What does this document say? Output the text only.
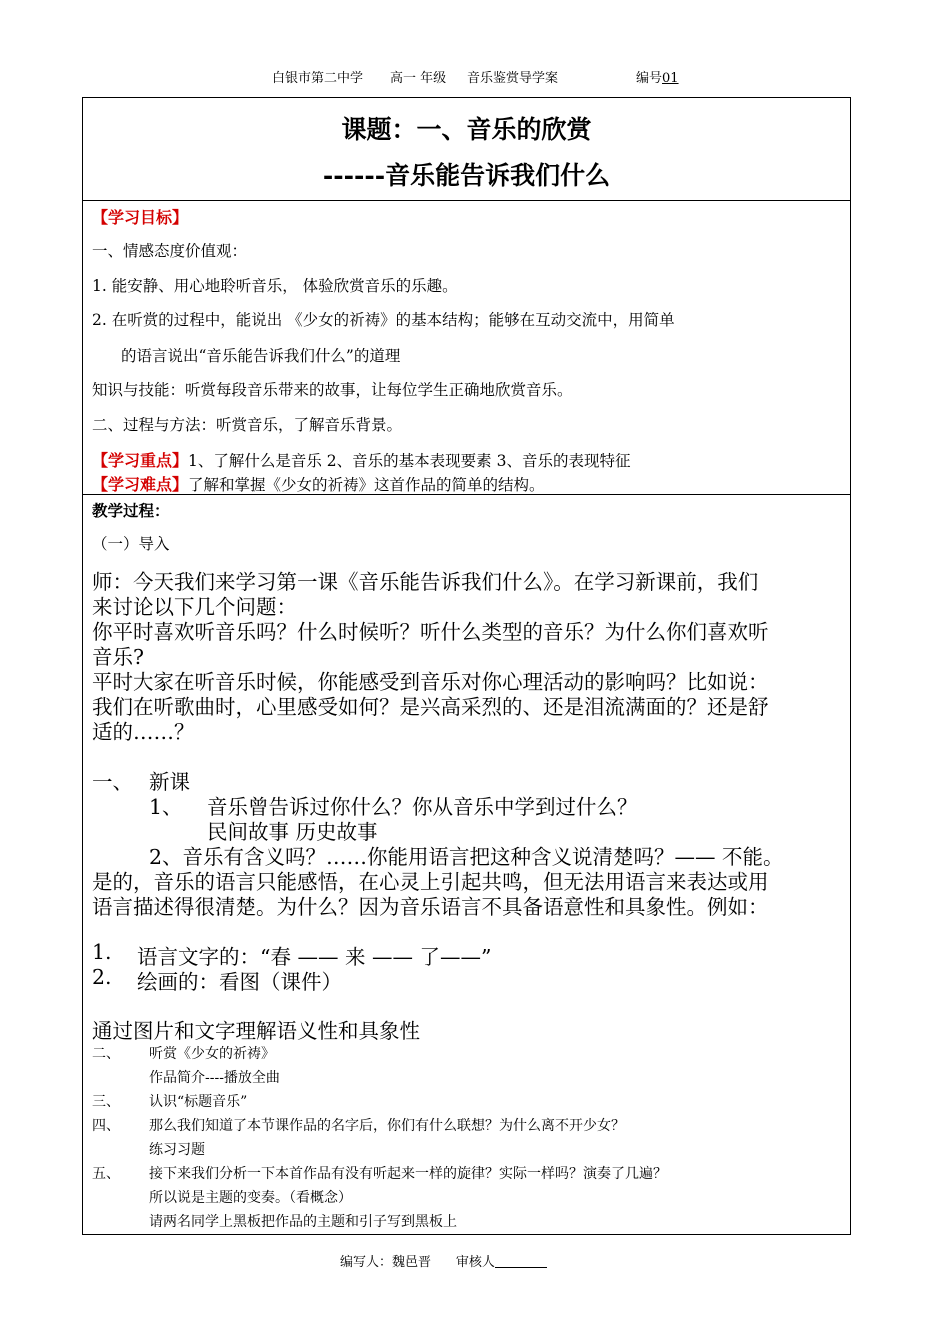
白银市第二中学 高一 年级 音乐鉴赏导学案	编号01
课题：一、音乐的欣赏
------音乐能告诉我们什么
【学习目标】
一、情感态度价值观：
1. 能安静、用心地聆听音乐， 体验欣赏音乐的乐趣。
2. 在听赏的过程中，能说出 《少女的祈祷》的基本结构；能够在互动交流中，用简单
的语言说出“音乐能告诉我们什么”的道理
知识与技能：听赏每段音乐带来的故事，让每位学生正确地欣赏音乐。
二、过程与方法：听赏音乐，了解音乐背景。
【学习重点】1、了解什么是音乐 2、音乐的基本表现要素 3、音乐的表现特征
【学习难点】了解和掌握《少女的祈祷》这首作品的简单的结构。
教学过程：
（一）导入
师：今天我们来学习第一课《音乐能告诉我们什么》。在学习新课前，我们
来讨论以下几个问题：
你平时喜欢听音乐吗？什么时候听？听什么类型的音乐？为什么你们喜欢听
音乐?
平时大家在听音乐时候，你能感受到音乐对你心理活动的影响吗？比如说：
我们在听歌曲时，心里感受如何？是兴高采烈的、还是泪流满面的？还是舒
适的……？
一、 新课
1、 音乐曾告诉过你什么？你从音乐中学到过什么？
民间故事 历史故事
2、音乐有含义吗？……你能用语言把这种含义说清楚吗？—— 不能。
是的，音乐的语言只能感悟，在心灵上引起共鸣，但无法用语言来表达或用
语言描述得很清楚。为什么？因为音乐语言不具备语意性和具象性。例如：
1. 语言文字的：“春 —— 来 —— 了——”
2. 绘画的：看图（课件）
通过图片和文字理解语义性和具象性
二、 听赏《少女的祈祷》
作品简介----播放全曲
三、 认识“标题音乐”
四、 那么我们知道了本节课作品的名字后，你们有什么联想？为什么离不开少女？
练习习题
五、 接下来我们分析一下本首作品有没有听起来一样的旋律？实际一样吗？演奏了几遍？
所以说是主题的变奏。（看概念）
请两名同学上黑板把作品的主题和引子写到黑板上
编写人：魏邑晋 审核人
